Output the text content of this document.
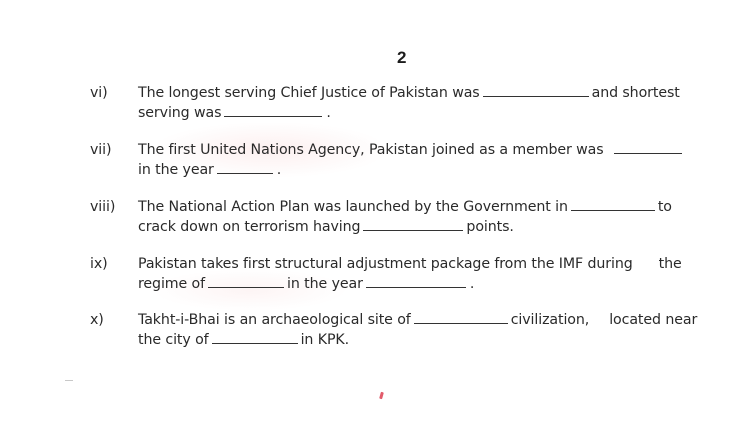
2
vi) The longest serving Chief Justice of Pakistan was	and shortest
serving was	.
vii) The first United Nations Agency, Pakistan joined as a member was
in the year	.
viii) The National Action Plan was launched by the Government in	to
crack down on terrorism having	points.
ix) Pakistan takes first structural adjustment package from the IMF during the
regime of	in the year	.
x) Takht-i-Bhai is an archaeological site of	civilization, located near
the city of	in KPK.
